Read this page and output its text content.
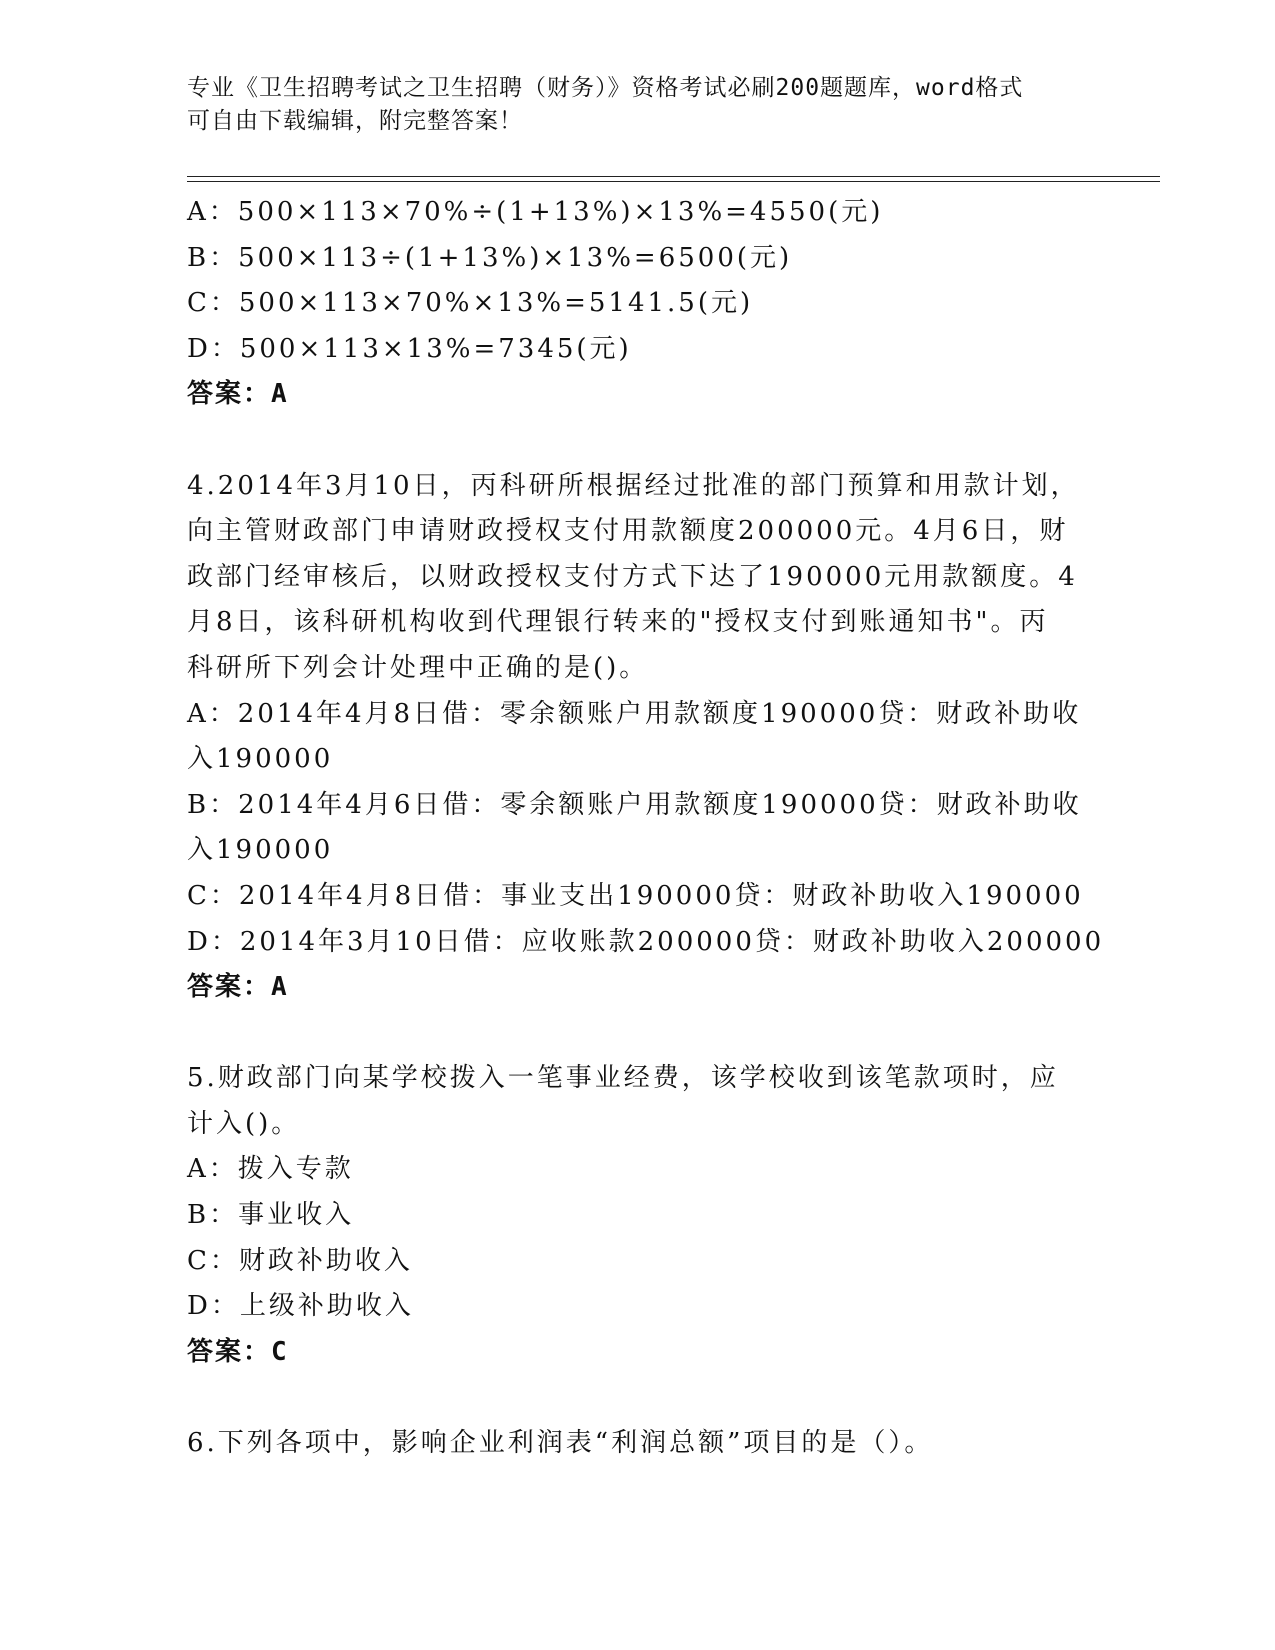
专业《卫生招聘考试之卫生招聘（财务）》资格考试必刷200题题库，word格式
可自由下载编辑，附完整答案！
A：500×113×70%÷(1+13%)×13%=4550(元)
B：500×113÷(1+13%)×13%=6500(元)
C：500×113×70%×13%=5141.5(元)
D：500×113×13%=7345(元)
答案：A
4.2014年3月10日，丙科研所根据经过批准的部门预算和用款计划，
向主管财政部门申请财政授权支付用款额度200000元。4月6日，财
政部门经审核后，以财政授权支付方式下达了190000元用款额度。4
月8日，该科研机构收到代理银行转来的"授权支付到账通知书"。丙
科研所下列会计处理中正确的是()。
A：2014年4月8日借：零余额账户用款额度190000贷：财政补助收
入190000
B：2014年4月6日借：零余额账户用款额度190000贷：财政补助收
入190000
C：2014年4月8日借：事业支出190000贷：财政补助收入190000
D：2014年3月10日借：应收账款200000贷：财政补助收入200000
答案：A
5.财政部门向某学校拨入一笔事业经费，该学校收到该笔款项时，应
计入()。
A：拨入专款
B：事业收入
C：财政补助收入
D：上级补助收入
答案：C
6.下列各项中，影响企业利润表“利润总额”项目的是（）。
